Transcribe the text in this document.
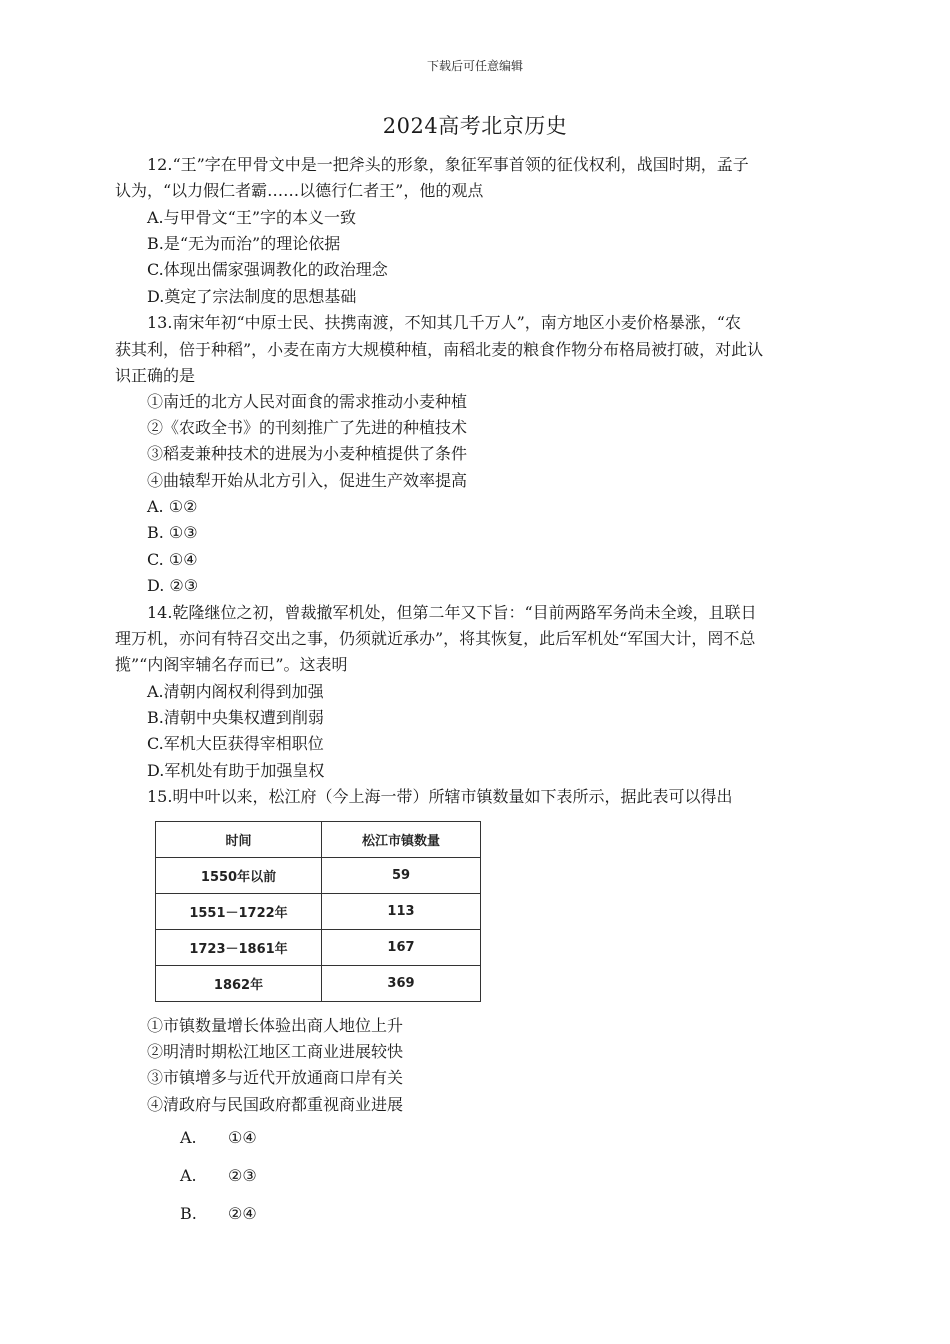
下载后可任意编辑
2024高考北京历史
12.“王”字在甲骨文中是一把斧头的形象，象征军事首领的征伐权利，战国时期，孟子
认为，“以力假仁者霸……以德行仁者王”，他的观点
A.与甲骨文“王”字的本义一致
B.是“无为而治”的理论依据
C.体现出儒家强调教化的政治理念
D.奠定了宗法制度的思想基础
13.南宋年初“中原士民、扶携南渡，不知其几千万人”，南方地区小麦价格暴涨，“农
获其利，倍于种稻”，小麦在南方大规模种植，南稻北麦的粮食作物分布格局被打破，对此认
识正确的是
①南迁的北方人民对面食的需求推动小麦种植
②《农政全书》的刊刻推广了先进的种植技术
③稻麦兼种技术的进展为小麦种植提供了条件
④曲辕犁开始从北方引入，促进生产效率提高
A. ①②
B. ①③
C. ①④
D. ②③
14.乾隆继位之初，曾裁撤军机处，但第二年又下旨：“目前两路军务尚未全竣，且联日
理万机，亦问有特召交出之事，仍须就近承办”，将其恢复，此后军机处“军国大计，罔不总
揽”“内阁宰辅名存而已”。这表明
A.清朝内阁权利得到加强
B.清朝中央集权遭到削弱
C.军机大臣获得宰相职位
D.军机处有助于加强皇权
15.明中叶以来，松江府（今上海一带）所辖市镇数量如下表所示，据此表可以得出
时间	松江市镇数量
1550年以前	59
1551－1722年	113
1723－1861年	167
1862年	369
①市镇数量增长体验出商人地位上升
②明清时期松江地区工商业进展较快
③市镇增多与近代开放通商口岸有关
④清政府与民国政府都重视商业进展
A. ①④
A. ②③
B. ②④
